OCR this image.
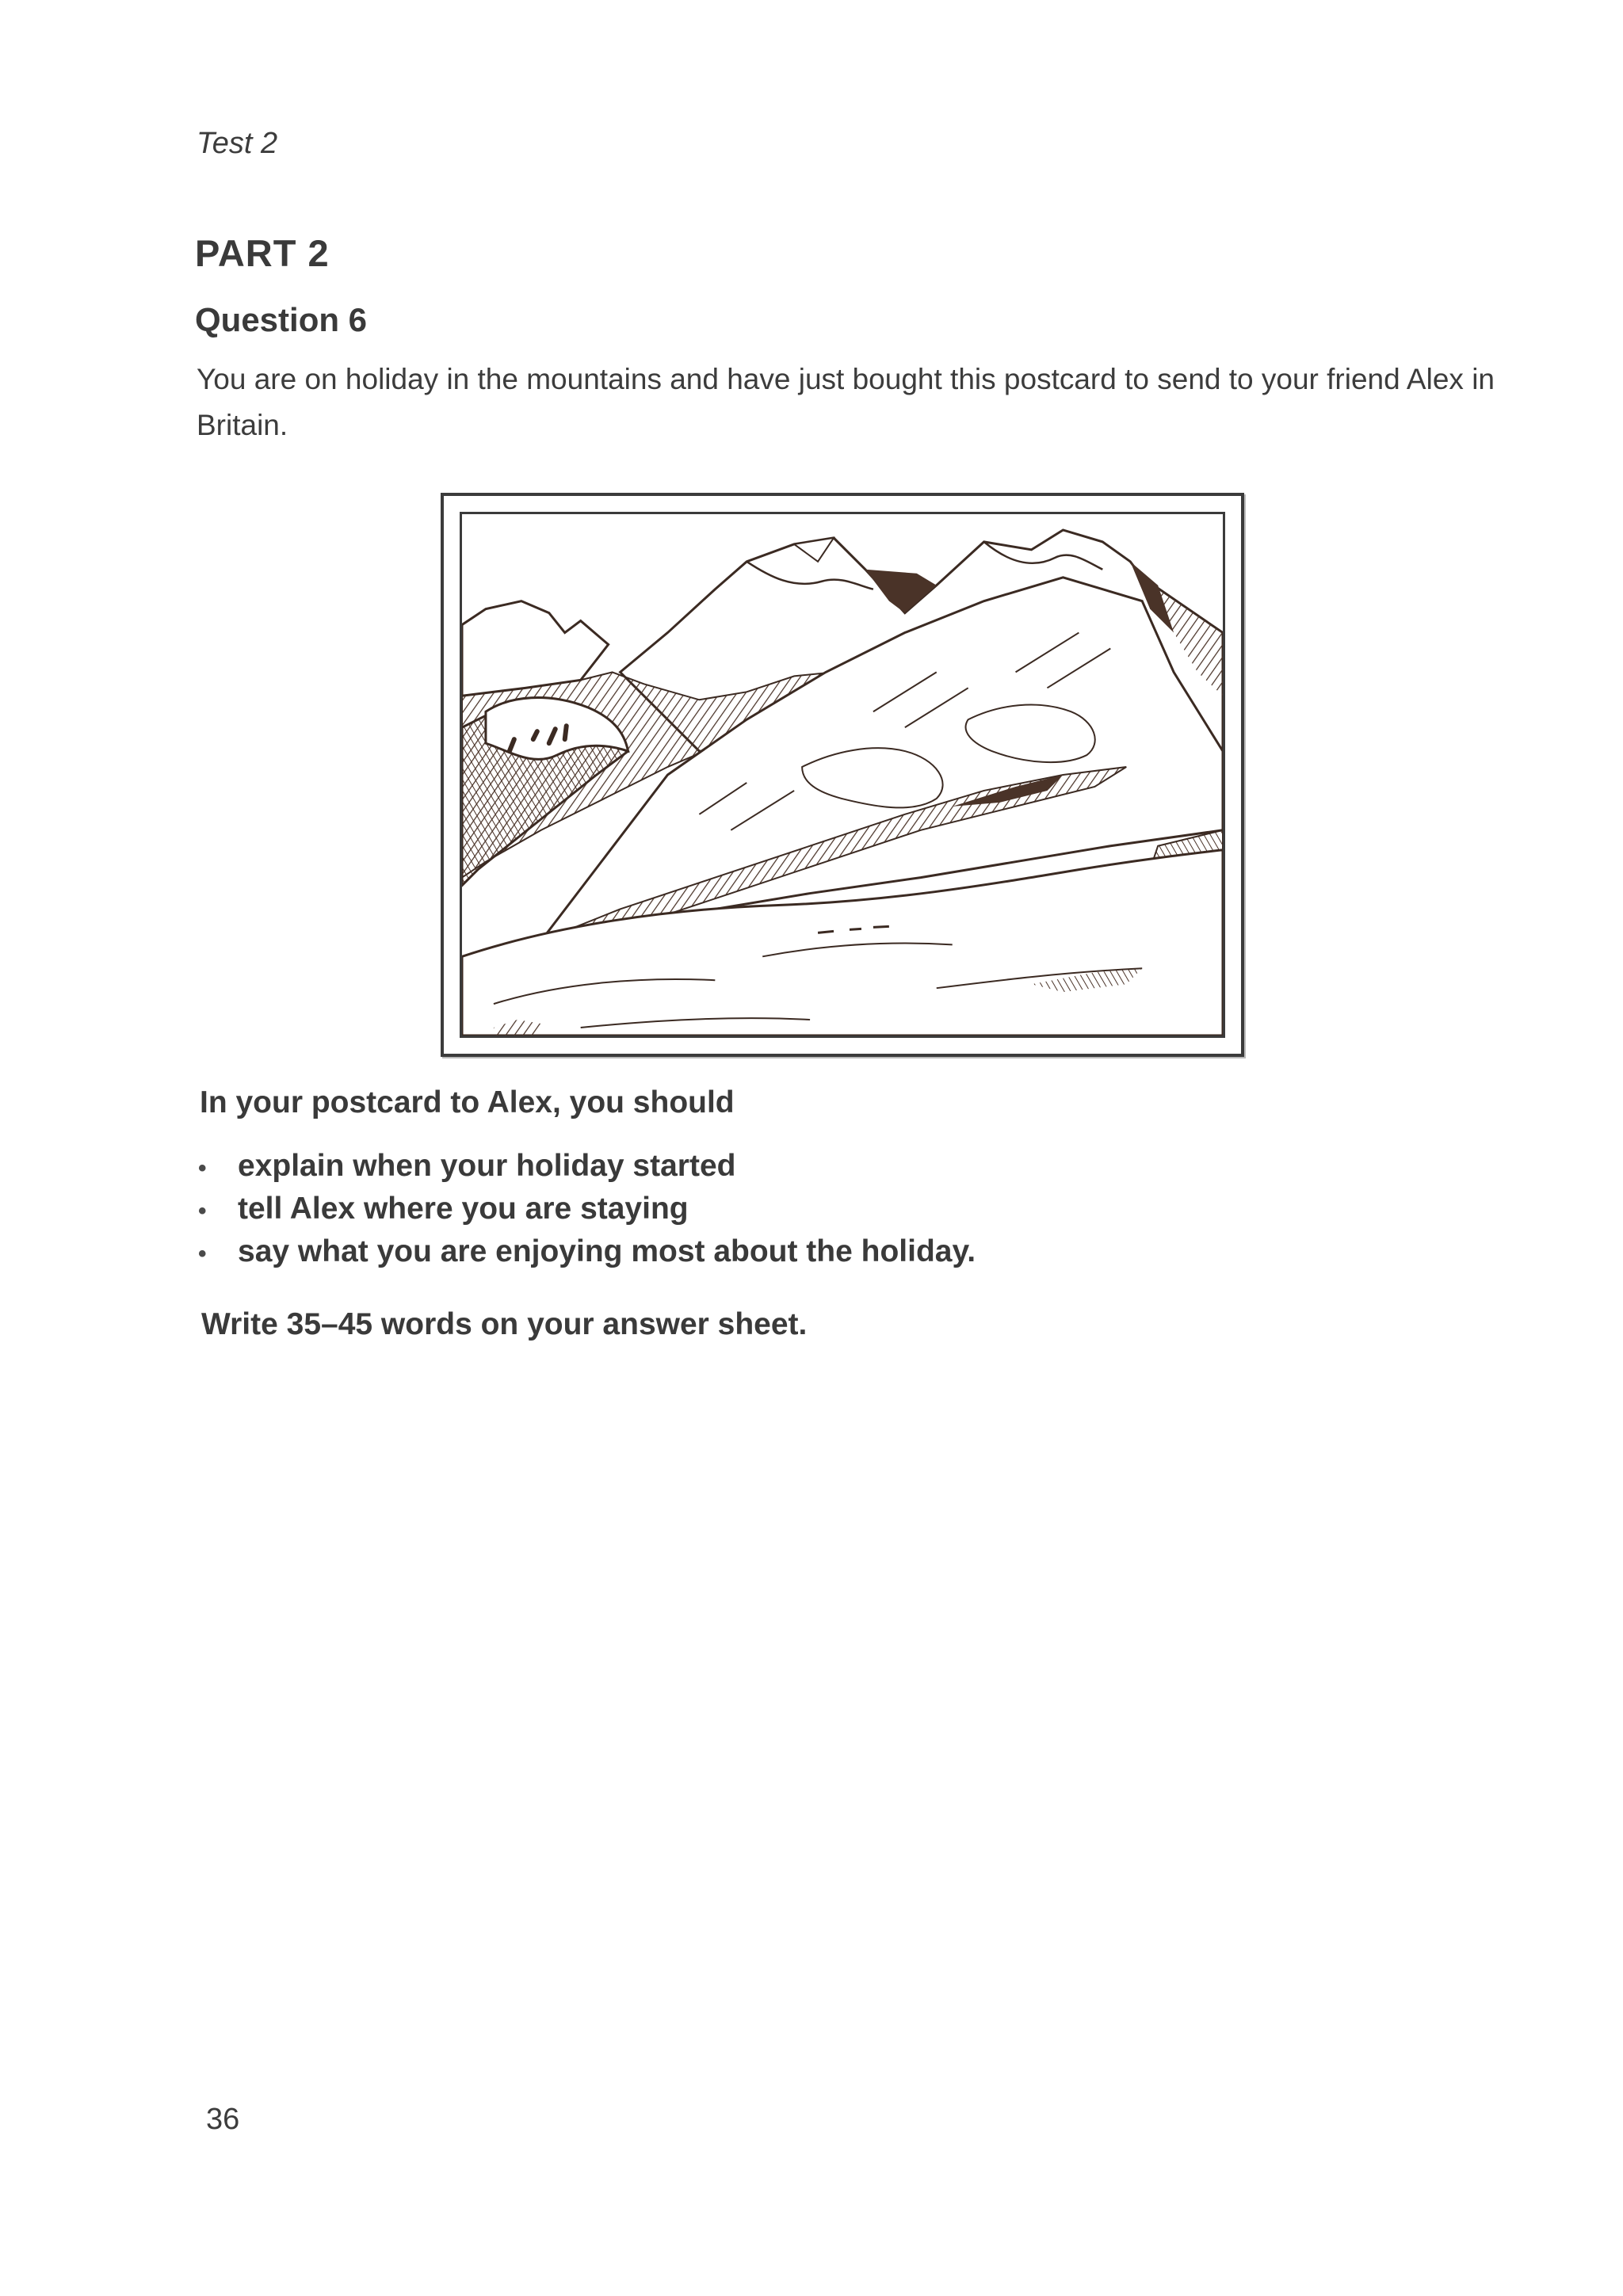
Test 2
PART 2
Question 6
You are on holiday in the mountains and have just bought this postcard to send to your friend Alex in Britain.
In your postcard to Alex, you should
•	explain when your holiday started
•	tell Alex where you are staying
•	say what you are enjoying most about the holiday.
Write 35–45 words on your answer sheet.
36
